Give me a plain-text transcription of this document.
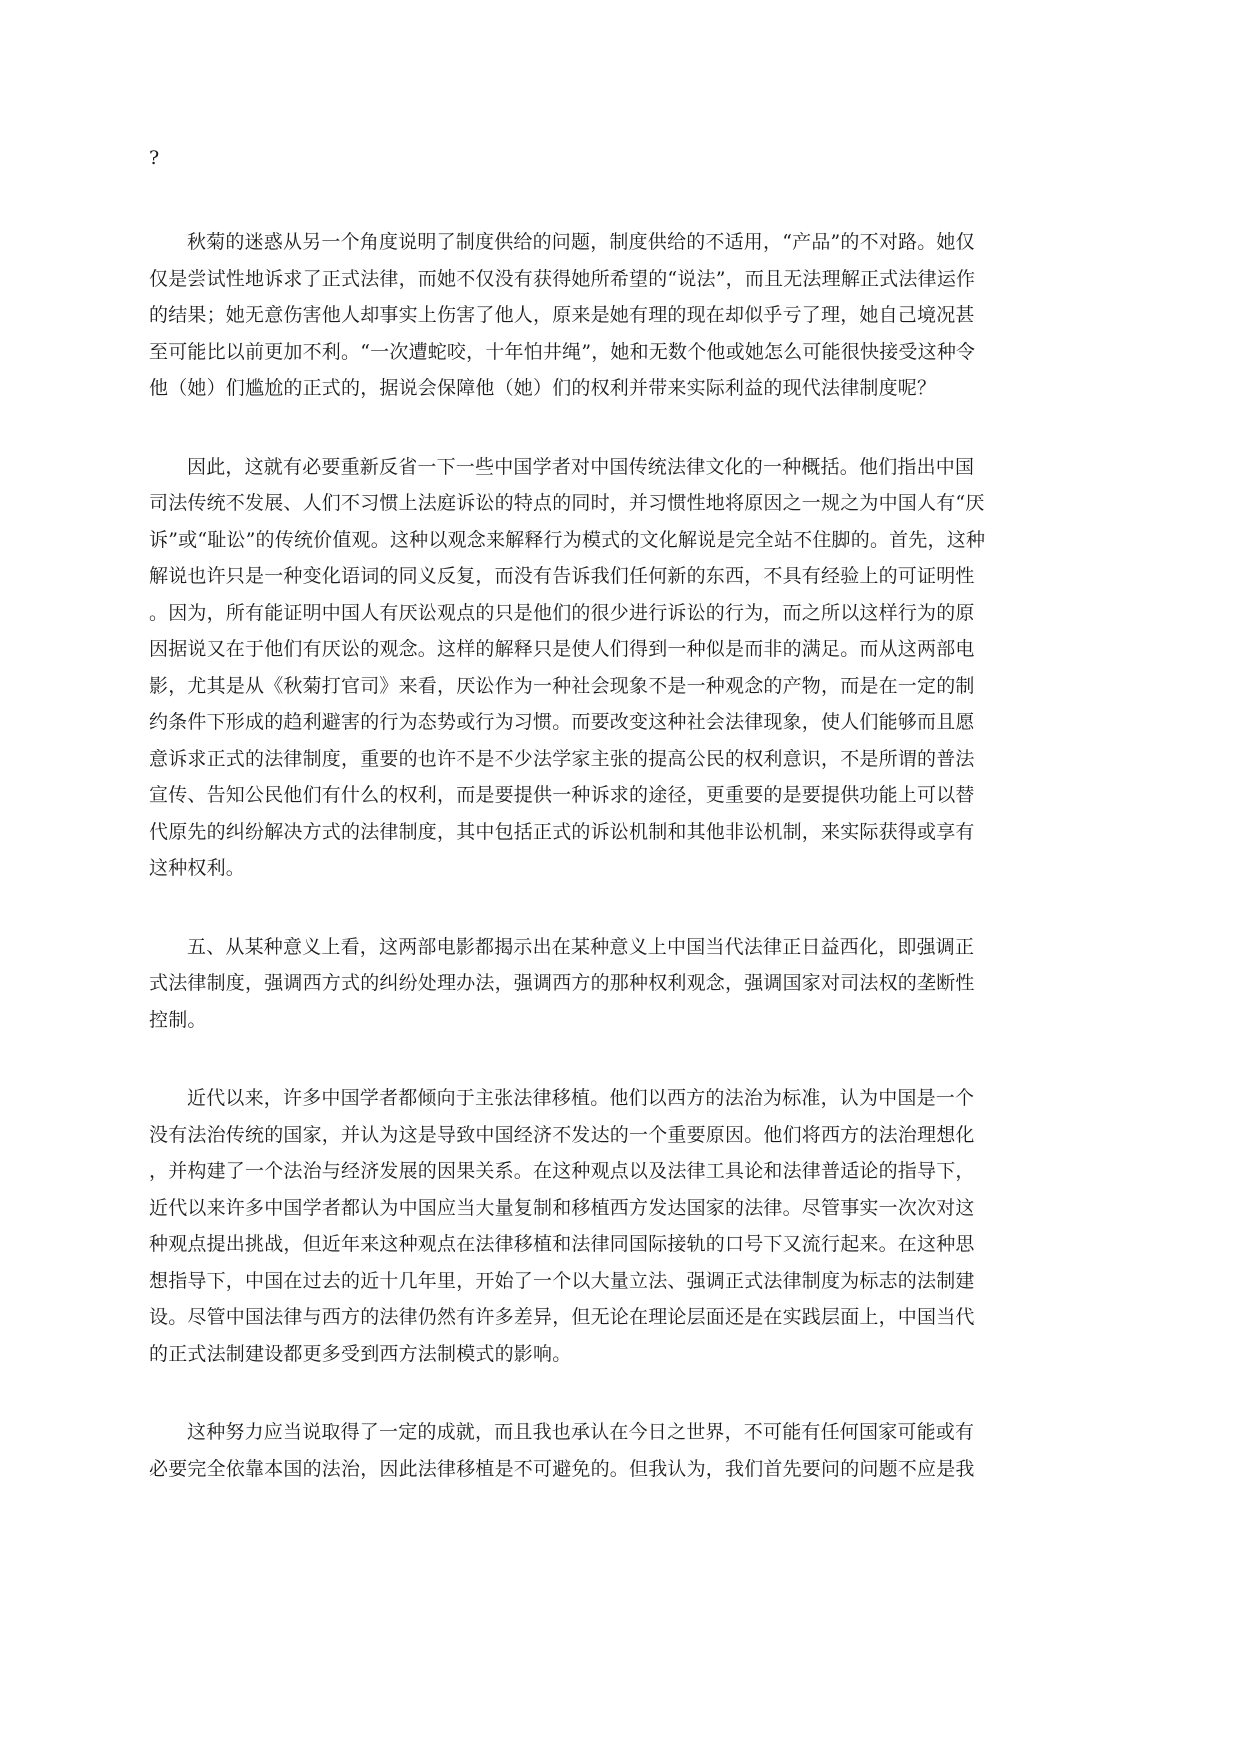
?
秋菊的迷惑从另一个角度说明了制度供给的问题，制度供给的不适用，“产品”的不对路。她仅
仅是尝试性地诉求了正式法律，而她不仅没有获得她所希望的“说法”，而且无法理解正式法律运作
的结果；她无意伤害他人却事实上伤害了他人，原来是她有理的现在却似乎亏了理，她自己境况甚
至可能比以前更加不利。“一次遭蛇咬，十年怕井绳”，她和无数个他或她怎么可能很快接受这种令
他（她）们尴尬的正式的，据说会保障他（她）们的权利并带来实际利益的现代法律制度呢？
因此，这就有必要重新反省一下一些中国学者对中国传统法律文化的一种概括。他们指出中国
司法传统不发展、人们不习惯上法庭诉讼的特点的同时，并习惯性地将原因之一规之为中国人有“厌
诉”或“耻讼”的传统价值观。这种以观念来解释行为模式的文化解说是完全站不住脚的。首先，这种
解说也许只是一种变化语词的同义反复，而没有告诉我们任何新的东西，不具有经验上的可证明性
。因为，所有能证明中国人有厌讼观点的只是他们的很少进行诉讼的行为，而之所以这样行为的原
因据说又在于他们有厌讼的观念。这样的解释只是使人们得到一种似是而非的满足。而从这两部电
影，尤其是从《秋菊打官司》来看，厌讼作为一种社会现象不是一种观念的产物，而是在一定的制
约条件下形成的趋利避害的行为态势或行为习惯。而要改变这种社会法律现象，使人们能够而且愿
意诉求正式的法律制度，重要的也许不是不少法学家主张的提高公民的权利意识，不是所谓的普法
宣传、告知公民他们有什么的权利，而是要提供一种诉求的途径，更重要的是要提供功能上可以替
代原先的纠纷解决方式的法律制度，其中包括正式的诉讼机制和其他非讼机制，来实际获得或享有
这种权利。
五、从某种意义上看，这两部电影都揭示出在某种意义上中国当代法律正日益西化，即强调正
式法律制度，强调西方式的纠纷处理办法，强调西方的那种权利观念，强调国家对司法权的垄断性
控制。
近代以来，许多中国学者都倾向于主张法律移植。他们以西方的法治为标准，认为中国是一个
没有法治传统的国家，并认为这是导致中国经济不发达的一个重要原因。他们将西方的法治理想化
，并构建了一个法治与经济发展的因果关系。在这种观点以及法律工具论和法律普适论的指导下，
近代以来许多中国学者都认为中国应当大量复制和移植西方发达国家的法律。尽管事实一次次对这
种观点提出挑战，但近年来这种观点在法律移植和法律同国际接轨的口号下又流行起来。在这种思
想指导下，中国在过去的近十几年里，开始了一个以大量立法、强调正式法律制度为标志的法制建
设。尽管中国法律与西方的法律仍然有许多差异，但无论在理论层面还是在实践层面上，中国当代
的正式法制建设都更多受到西方法制模式的影响。
这种努力应当说取得了一定的成就，而且我也承认在今日之世界，不可能有任何国家可能或有
必要完全依靠本国的法治，因此法律移植是不可避免的。但我认为，我们首先要问的问题不应是我
